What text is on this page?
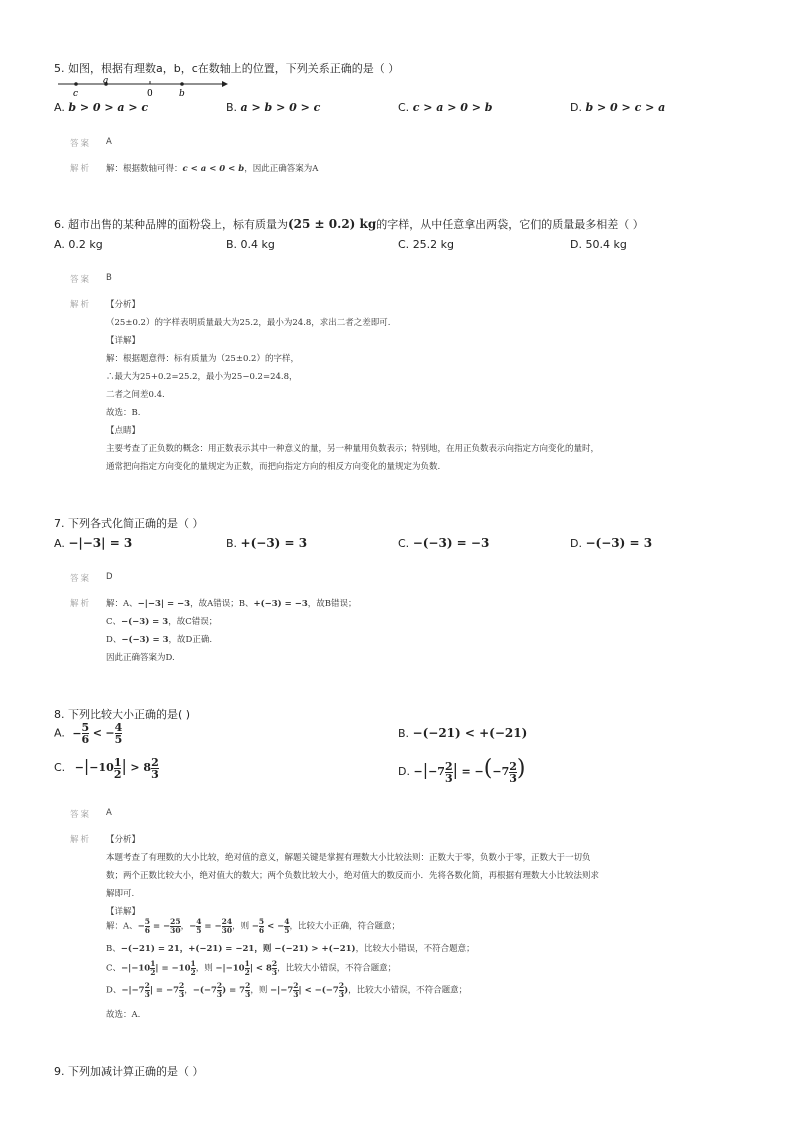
5. 如图，根据有理数a，b，c在数轴上的位置，下列关系正确的是（ ）
c
a
0	b
A. b > 0 > a > c	B. a > b > 0 > c	C. c > a > 0 > b	D. b > 0 > c > a
答案 A
解析 解：根据数轴可得：c < a < 0 < b，因此正确答案为A
6. 超市出售的某种品牌的面粉袋上，标有质量为(25 ± 0.2) kg的字样，从中任意拿出两袋，它们的质量最多相差（ ）
A. 0.2 kg	B. 0.4 kg	C. 25.2 kg	D. 50.4 kg
答案 B
解析 【分析】
（25±0.2）的字样表明质量最大为25.2，最小为24.8，求出二者之差即可.
【详解】
解：根据题意得：标有质量为（25±0.2）的字样，
∴最大为25+0.2=25.2，最小为25−0.2=24.8，
二者之间差0.4.
故选：B.
【点睛】
主要考查了正负数的概念：用正数表示其中一种意义的量，另一种量用负数表示；特别地，在用正负数表示向指定方向变化的量时，
通常把向指定方向变化的量规定为正数，而把向指定方向的相反方向变化的量规定为负数.
7. 下列各式化简正确的是（ ）
A. −|−3| = 3	B. +(−3) = 3	C. −(−3) = −3	D. −(−3) = 3
答案 D
解析 解：A、−|−3| = −3，故A错误；B、+(−3) = −3，故B错误；
C、−(−3) = 3，故C错误；
D、−(−3) = 3，故D正确.
因此正确答案为D.
8. 下列比较大小正确的是( )
A. − $\frac{5}{6}$ < − $\frac{4}{5}$	B. −(−21) < +(−21)
C. $-|-10 \frac{1}{2}$ | > $8 \frac{2}{3}$	D. $-|-7 \frac{2}{3}$ | = $-(-7 \frac{2}{3}$ )
答案 A
解析 【分析】
本题考查了有理数的大小比较，绝对值的意义，解题关键是掌握有理数大小比较法则：正数大于零，负数小于零，正数大于一切负
数；两个正数比较大小，绝对值大的数大；两个负数比较大小，绝对值大的数反而小．先将各数化简，再根据有理数大小比较法则求
解即可.
【详解】
解：A、− $\frac{5}{6}$ = − $\frac{25}{30}$ ，− $\frac{4}{5}$ = − $\frac{24}{30}$ ，则 − $\frac{5}{6}$ < − $\frac{4}{5}$ ，比较大小正确，符合题意；
B、−(−21) = 21，+(−21) = −21，则 −(−21) > +(−21)，比较大小错误，不符合题意；
C、$-|-10 \frac{1}{2}$ | = $-10 \frac{1}{2}$ ，则 $-|-10 \frac{1}{2}$ | < $8 \frac{2}{3}$ ，比较大小错误，不符合题意；
D、$-|-7 \frac{2}{3}$ | = $-7 \frac{2}{3}$ ，$-(-7 \frac{2}{3}$ ) = $7 \frac{2}{3}$ ，则 $-|-7 \frac{2}{3}$ | < $-(-7 \frac{2}{3}$ )，比较大小错误，不符合题意；
故选：A.
9. 下列加减计算正确的是（ ）
